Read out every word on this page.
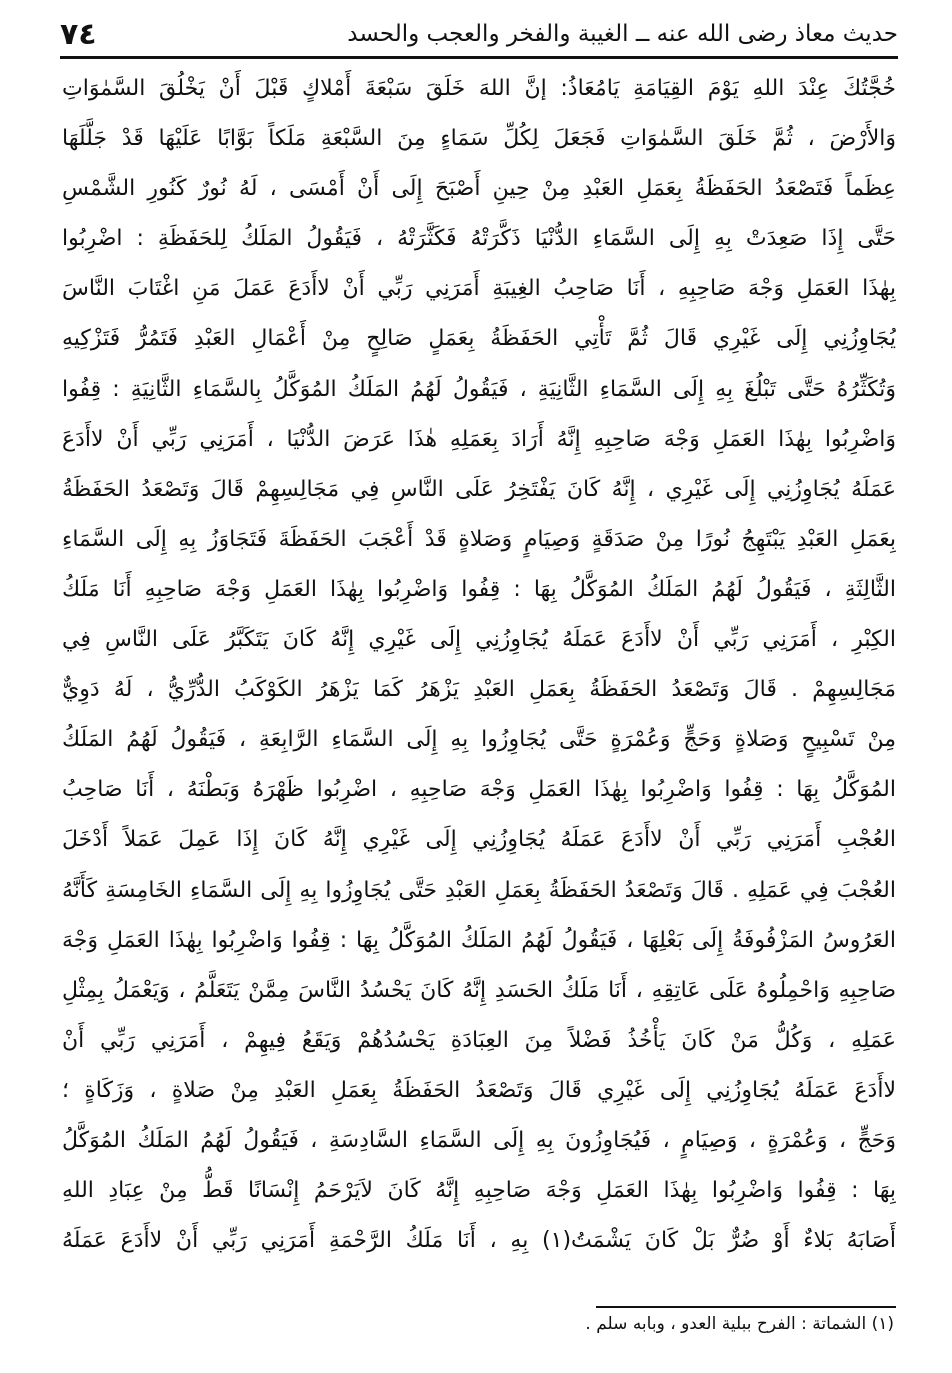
٧٤	حديث معاذ رضى الله عنه ــ الغيبة والفخر والعجب والحسد
خُجَّتُكَ عِنْدَ اللهِ يَوْمَ القِيَامَةِ يَامُعَاذُ: إنَّ اللهَ خَلَقَ سَبْعَةَ أَمْلاكٍ قَبْلَ أَنْ يَخْلُقَ السَّمٰوَاتِ
وَالأَرْضَ ، ثُمَّ خَلَقَ السَّمٰوَاتِ فَجَعَلَ لِكُلِّ سَمَاءٍ مِنَ السَّبْعَةِ مَلَكاً بَوَّابًا عَلَيْهَا قَدْ جَلَّلَهَا
عِظَماً فَتَصْعَدُ الحَفَظَةُ بِعَمَلِ العَبْدِ مِنْ حِينِ أَصْبَحَ إِلَى أَنْ أَمْسَى ، لَهُ نُورٌ كَنُورِ الشَّمْسِ
حَتَّى إِذَا صَعِدَتْ بِهِ إِلَى السَّمَاءِ الدُّنْيَا ذَكَّرَتْهُ فَكَثَّرَتْهُ ، فَيَقُولُ المَلَكُ لِلحَفَظَةِ : اضْرِبُوا
بِهٰذَا العَمَلِ وَجْهَ صَاحِبِهِ ، أَنَا صَاحِبُ الغِيبَةِ أَمَرَنِي رَبِّي أَنْ لاأَدَعَ عَمَلَ مَنِ اغْتَابَ النَّاسَ
يُجَاوِزُنِي إِلَى غَيْرِي قَالَ ثُمَّ تَأْتِي الحَفَظَةُ بِعَمَلٍ صَالِحٍ مِنْ أَعْمَالِ العَبْدِ فَتَمُرُّ فَتَزْكِيهِ
وَتُكَثِّرُهُ حَتَّى تَبْلُغَ بِهِ إِلَى السَّمَاءِ الثَّانِيَةِ ، فَيَقُولُ لَهُمُ المَلَكُ المُوَكَّلُ بِالسَّمَاءِ الثَّانِيَةِ : قِفُوا
وَاضْرِبُوا بِهٰذَا العَمَلِ وَجْهَ صَاحِبِهِ إِنَّهُ أَرَادَ بِعَمَلِهِ هٰذَا عَرَضَ الدُّنْيَا ، أَمَرَنِي رَبِّي أَنْ لاأَدَعَ
عَمَلَهُ يُجَاوِزُنِي إِلَى غَيْرِي ، إِنَّهُ كَانَ يَفْتَخِرُ عَلَى النَّاسِ فِي مَجَالِسِهِمْ قَالَ وَتَصْعَدُ الحَفَظَةُ
بِعَمَلِ العَبْدِ يَبْتَهِجُ نُورًا مِنْ صَدَقَةٍ وَصِيَامٍ وَصَلاةٍ قَدْ أَعْجَبَ الحَفَظَةَ فَتَجَاوَزُ بِهِ إِلَى السَّمَاءِ
الثَّالِثَةِ ، فَيَقُولُ لَهُمُ المَلَكُ المُوَكَّلُ بِهَا : قِفُوا وَاضْرِبُوا بِهٰذَا العَمَلِ وَجْهَ صَاحِبِهِ أَنَا مَلَكُ
الكِبْرِ ، أَمَرَنِي رَبِّي أَنْ لاأَدَعَ عَمَلَهُ يُجَاوِزُنِي إِلَى غَيْرِي إِنَّهُ كَانَ يَتَكَبَّرُ عَلَى النَّاسِ فِي
مَجَالِسِهِمْ . قَالَ وَتَصْعَدُ الحَفَظَةُ بِعَمَلِ العَبْدِ يَزْهَرُ كَمَا يَزْهَرُ الكَوْكَبُ الدُّرِّيُّ ، لَهُ دَوِيٌّ
مِنْ تَسْبِيحٍ وَصَلاةٍ وَحَجٍّ وَعُمْرَةٍ حَتَّى يُجَاوِزُوا بِهِ إِلَى السَّمَاءِ الرَّابِعَةِ ، فَيَقُولُ لَهُمُ المَلَكُ
المُوَكَّلُ بِهَا : قِفُوا وَاضْرِبُوا بِهٰذَا العَمَلِ وَجْهَ صَاحِبِهِ ، اضْرِبُوا ظَهْرَهُ وَبَطْنَهُ ، أَنَا صَاحِبُ
العُجْبِ أَمَرَنِي رَبِّي أَنْ لاأَدَعَ عَمَلَهُ يُجَاوِزُنِي إِلَى غَيْرِي إِنَّهُ كَانَ إِذَا عَمِلَ عَمَلاً أَدْخَلَ
العُجْبَ فِي عَمَلِهِ . قَالَ وَتَصْعَدُ الحَفَظَةُ بِعَمَلِ العَبْدِ حَتَّى يُجَاوِزُوا بِهِ إِلَى السَّمَاءِ الخَامِسَةِ كَأَنَّهُ
العَرُوسُ المَزْفُوفَةُ إِلَى بَعْلِهَا ، فَيَقُولُ لَهُمُ المَلَكُ المُوَكَّلُ بِهَا : قِفُوا وَاضْرِبُوا بِهٰذَا العَمَلِ وَجْهَ
صَاحِبِهِ وَاحْمِلُوهُ عَلَى عَاتِقِهِ ، أَنَا مَلَكُ الحَسَدِ إِنَّهُ كَانَ يَحْسُدُ النَّاسَ مِمَّنْ يَتَعَلَّمُ ، وَيَعْمَلُ بِمِثْلِ
عَمَلِهِ ، وَكُلُّ مَنْ كَانَ يَأْخُذُ فَضْلاً مِنَ العِبَادَةِ يَحْسُدُهُمْ وَيَقَعُ فِيهِمْ ، أَمَرَنِي رَبِّي أَنْ
لاأَدَعَ عَمَلَهُ يُجَاوِزُنِي إِلَى غَيْرِي قَالَ وَتَصْعَدُ الحَفَظَةُ بِعَمَلِ العَبْدِ مِنْ صَلاةٍ ، وَزَكَاةٍ ؛
وَحَجٍّ ، وَعُمْرَةٍ ، وَصِيَامٍ ، فَيُجَاوِزُونَ بِهِ إِلَى السَّمَاءِ السَّادِسَةِ ، فَيَقُولُ لَهُمُ المَلَكُ المُوَكَّلُ
بِهَا : قِفُوا وَاضْرِبُوا بِهٰذَا العَمَلِ وَجْهَ صَاحِبِهِ إِنَّهُ كَانَ لاَيَرْحَمُ إِنْسَانًا قَطُّ مِنْ عِبَادِ اللهِ
أَصَابَهُ بَلاءٌ أَوْ ضُرٌّ بَلْ كَانَ يَشْمَتُ(١) بِهِ ، أَنَا مَلَكُ الرَّحْمَةِ أَمَرَنِي رَبِّي أَنْ لاأَدَعَ عَمَلَهُ
(١) الشماتة : الفرح ببلية العدو ، وبابه سلم .
